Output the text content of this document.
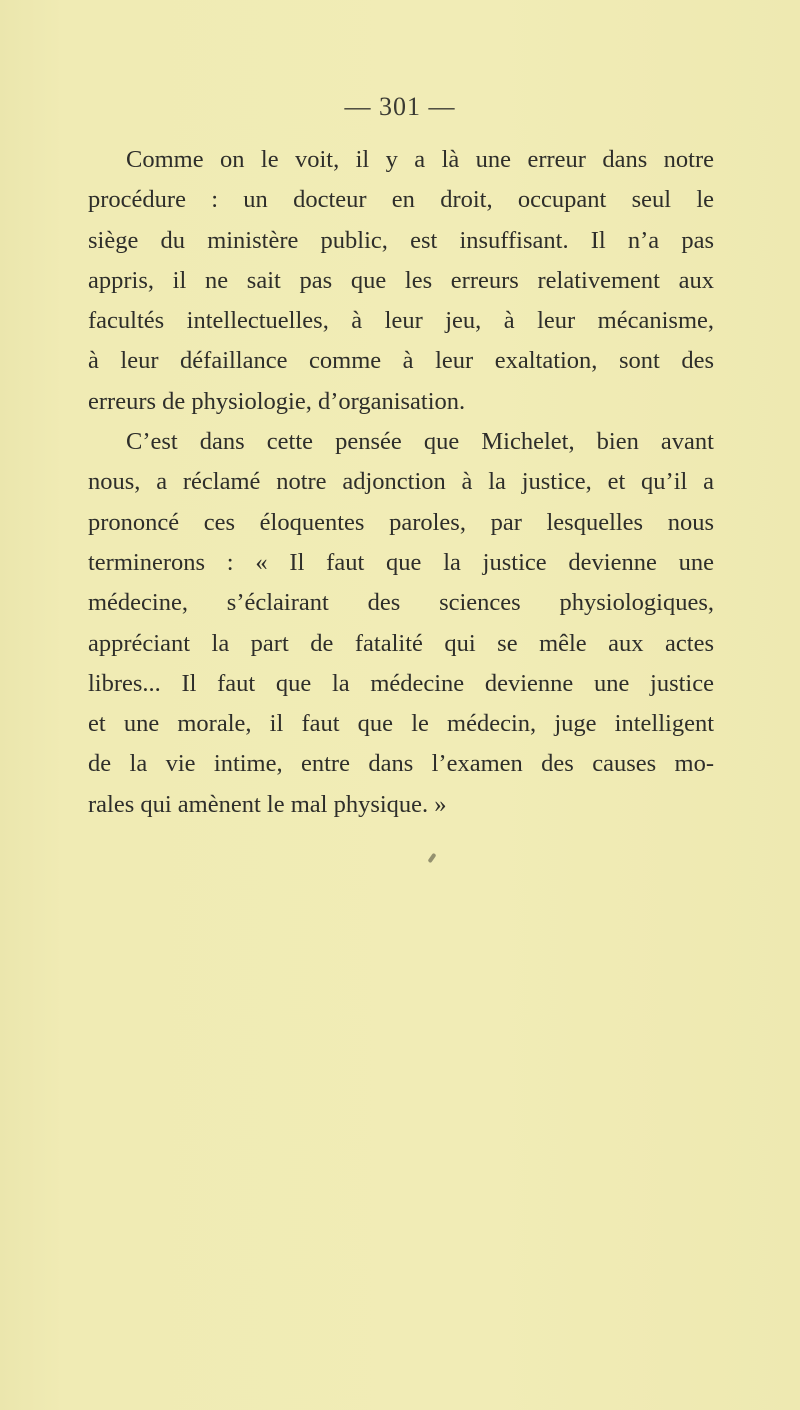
— 301 —
Comme on le voit, il y a là une erreur dans notre
procédure : un docteur en droit, occupant seul le
siège du ministère public, est insuffisant. Il n’a pas
appris, il ne sait pas que les erreurs relativement aux
facultés intellectuelles, à leur jeu, à leur mécanisme,
à leur défaillance comme à leur exaltation, sont des
erreurs de physiologie, d’organisation.
C’est dans cette pensée que Michelet, bien avant
nous, a réclamé notre adjonction à la justice, et qu’il a
prononcé ces éloquentes paroles, par lesquelles nous
terminerons : « Il faut que la justice devienne une
médecine, s’éclairant des sciences physiologiques,
appréciant la part de fatalité qui se mêle aux actes
libres... Il faut que la médecine devienne une justice
et une morale, il faut que le médecin, juge intelligent
de la vie intime, entre dans l’examen des causes mo-
rales qui amènent le mal physique. »
